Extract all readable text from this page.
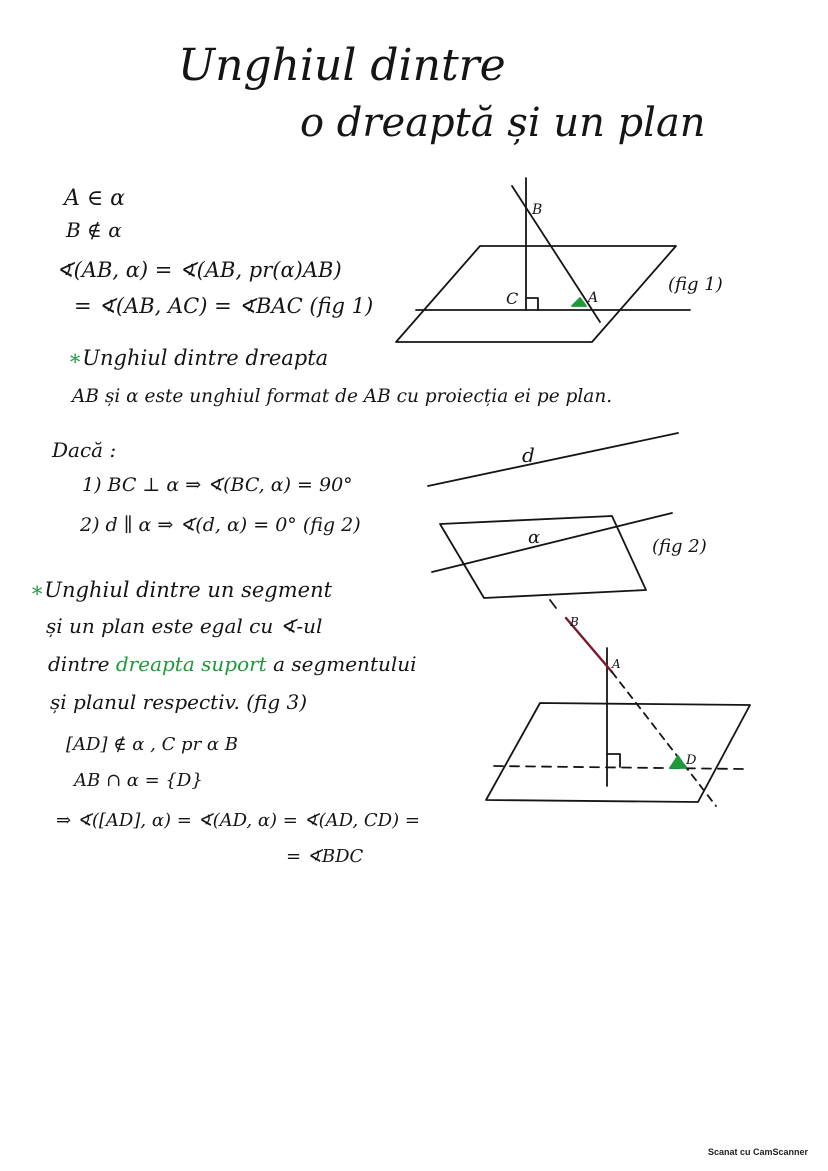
Unghiul dintre
o dreaptă și un plan
A ∈ α
B ∉ α
∢(AB, α) = ∢(AB, pr(α)AB)
= ∢(AB, AC) = ∢BAC (fig 1)
∗Unghiul dintre dreapta
AB și α este unghiul format de AB cu proiecția ei pe plan.
Dacă :
1) BC ⊥ α ⇒ ∢(BC, α) = 90°
2) d ∥ α ⇒ ∢(d, α) = 0° (fig 2)
∗Unghiul dintre un segment
și un plan este egal cu ∢-ul
dintre dreapta suport a segmentului
și planul respectiv. (fig 3)
[AD] ∉ α , C pr α B
AB ∩ α = {D}
⇒ ∢([AD], α) = ∢(AD, α) = ∢(AD, CD) =
= ∢BDC
B
C	A
(fig 1)
d
α	(fig 2)
B
A
D
Scanat cu CamScanner
